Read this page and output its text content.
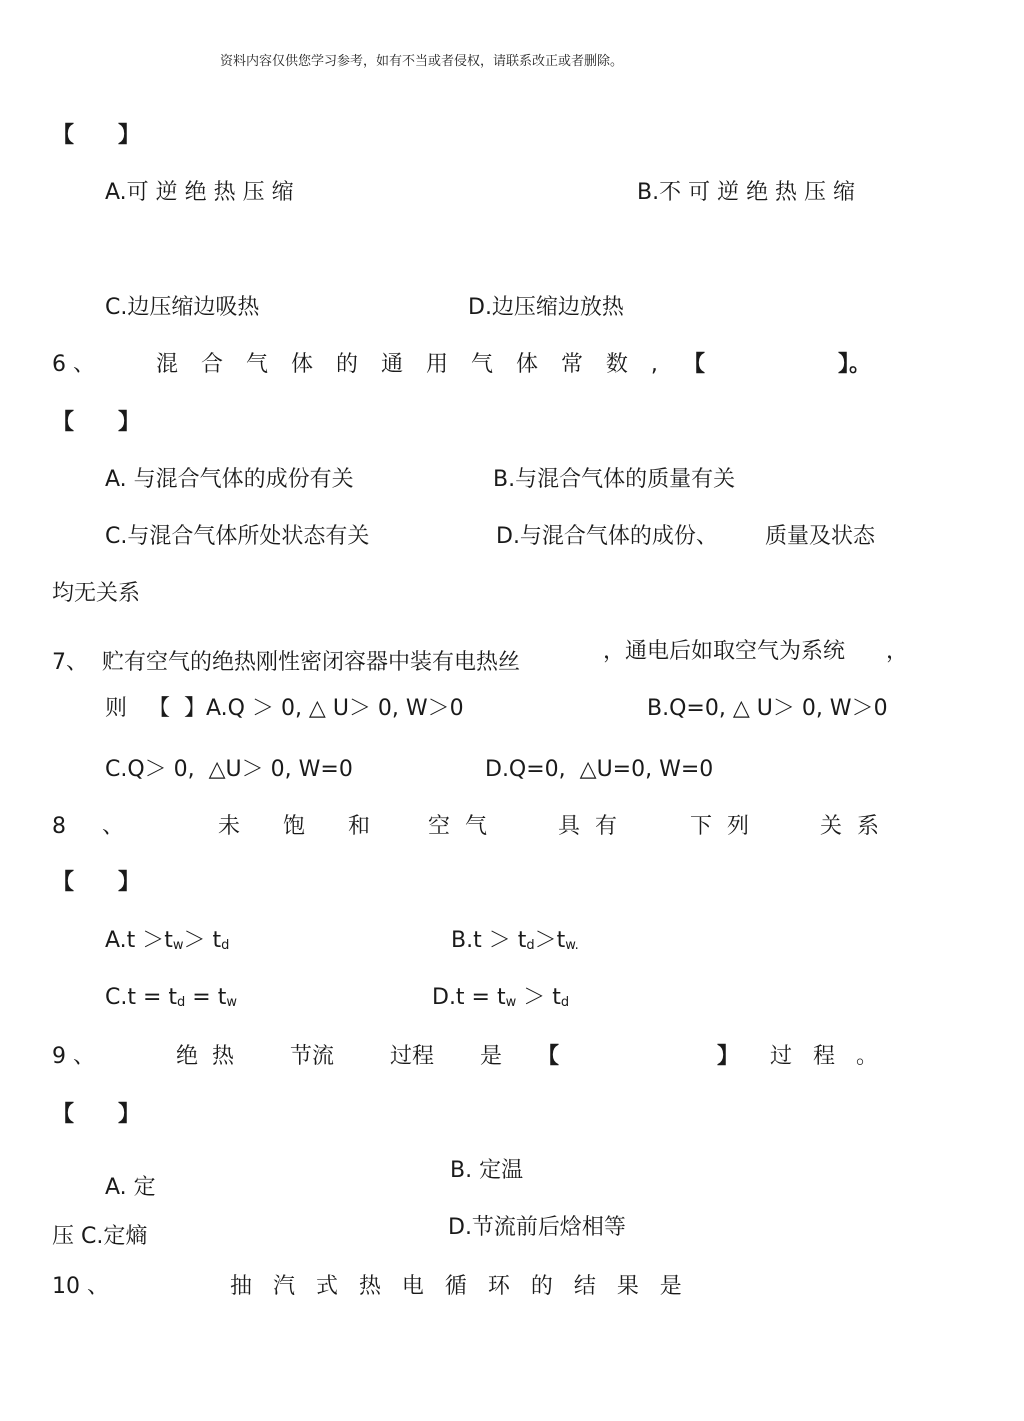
资料内容仅供您学习参考，如有不当或者侵权，请联系改正或者删除。
【 】
A.可 逆 绝 热 压 缩	B.不 可 逆 绝 热 压 缩
C.边压缩边吸热	D.边压缩边放热
6 、	混 合 气 体 的 通 用 气 体 常 数 , 【	】。
【 】
A. 与混合气体的成份有关	B.与混合气体的质量有关
C.与混合气体所处状态有关	D.与混合气体的成份、 质量及状态
均无关系
7、 贮有空气的绝热刚性密闭容器中装有电热丝	，通电后如取空气为系统 ，
则 【  】A.Q ＞ 0, △ U＞ 0, W＞0	B.Q=0, △ U＞ 0, W＞0
C.Q＞ 0,  △U＞ 0, W=0	D.Q=0,  △U=0, W=0
8 、	未 饱 和	空 气	具 有	下 列	关 系
【 】
$A.t >t_w> t_d$	$B.t > t_d>t_{w.}$
$C.t = t_d = t_w$	$D.t = t_w > t_d$
9 、	绝  热	节流	过程 是 【	】 过   程   。
【 】
A. 定
B. 定温
压 C.定熵	D.节流前后焓相等
10 、	抽   汽   式   热   电   循   环   的   结   果   是
